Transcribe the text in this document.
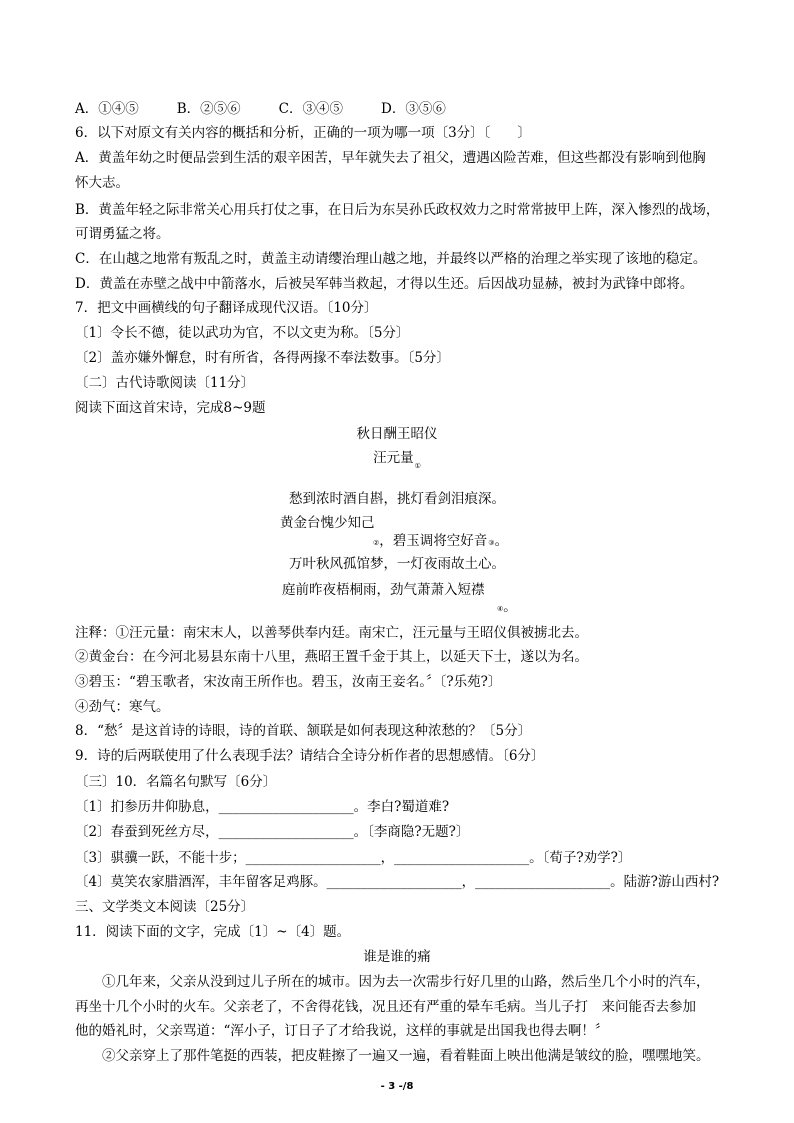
A．①④⑤	B．②⑤⑥	C．③④⑤	D．③⑤⑥
6．以下对原文有关内容的概括和分析，正确的一项为哪一项〔3分〕〔　　〕
A．黄盖年幼之时便品尝到生活的艰辛困苦，早年就失去了祖父，遭遇凶险苦难，但这些都没有影响到他胸
怀大志。
B．黄盖年轻之际非常关心用兵打仗之事，在日后为东吴孙氏政权效力之时常常披甲上阵，深入惨烈的战场，
可谓勇猛之将。
C．在山越之地常有叛乱之时，黄盖主动请缨治理山越之地，并最终以严格的治理之举实现了该地的稳定。
D．黄盖在赤壁之战中中箭落水，后被吴军韩当救起，才得以生还。后因战功显赫，被封为武锋中郎将。
7．把文中画横线的句子翻译成现代汉语。〔10分〕
〔1〕令长不德，徒以武功为官，不以文吏为称。〔5分〕
〔2〕盖亦嫌外懈怠，时有所省，各得两掾不奉法数事。〔5分〕
〔二〕古代诗歌阅读〔11分〕
阅读下面这首宋诗，完成8~9题
秋日酬王昭仪
汪元量$_①$
愁到浓时酒自斟，挑灯看剑泪痕深。
黄金台愧少知己
②，碧玉调将空好音③。
万叶秋风孤馆梦，一灯夜雨故土心。
庭前昨夜梧桐雨，劲气萧萧入短襟
④。
注释：①汪元量：南宋末人，以善琴供奉内廷。南宋亡，汪元量与王昭仪俱被掳北去。
②黄金台：在今河北易县东南十八里，燕昭王置千金于其上，以延天下士，遂以为名。
③碧玉：“碧玉歌者，宋汝南王所作也。碧玉，汝南王妾名。〞〔?乐苑?〕
④劲气：寒气。
8．“愁〞是这首诗的诗眼，诗的首联、颔联是如何表现这种浓愁的？〔5分〕
9．诗的后两联使用了什么表现手法？请结合全诗分析作者的思想感情。〔6分〕
〔三〕10．名篇名句默写〔6分〕
〔1〕扪参历井仰胁息，____________________。李白?蜀道难?
〔2〕春蚕到死丝方尽，____________________。〔李商隐?无题?〕
〔3〕骐骥一跃，不能十步；____________________，____________________。〔荀子?劝学?〕
〔4〕莫笑农家腊酒浑，丰年留客足鸡豚。____________________，____________________。陆游?游山西村?
三、文学类文本阅读〔25分〕
11．阅读下面的文字，完成〔1〕~〔4〕题。
谁是谁的痛
①几年来，父亲从没到过儿子所在的城市。因为去一次需步行好几里的山路，然后坐几个小时的汽车，
再坐十几个小时的火车。父亲老了，不舍得花钱，况且还有严重的晕车毛病。当儿子打　来问能否去参加
他的婚礼时，父亲骂道：“浑小子，订日子了才给我说，这样的事就是出国我也得去啊！〞
②父亲穿上了那件笔挺的西装，把皮鞋擦了一遍又一遍，看着鞋面上映出他满是皱纹的脸，嘿嘿地笑。
- 3 -/8
